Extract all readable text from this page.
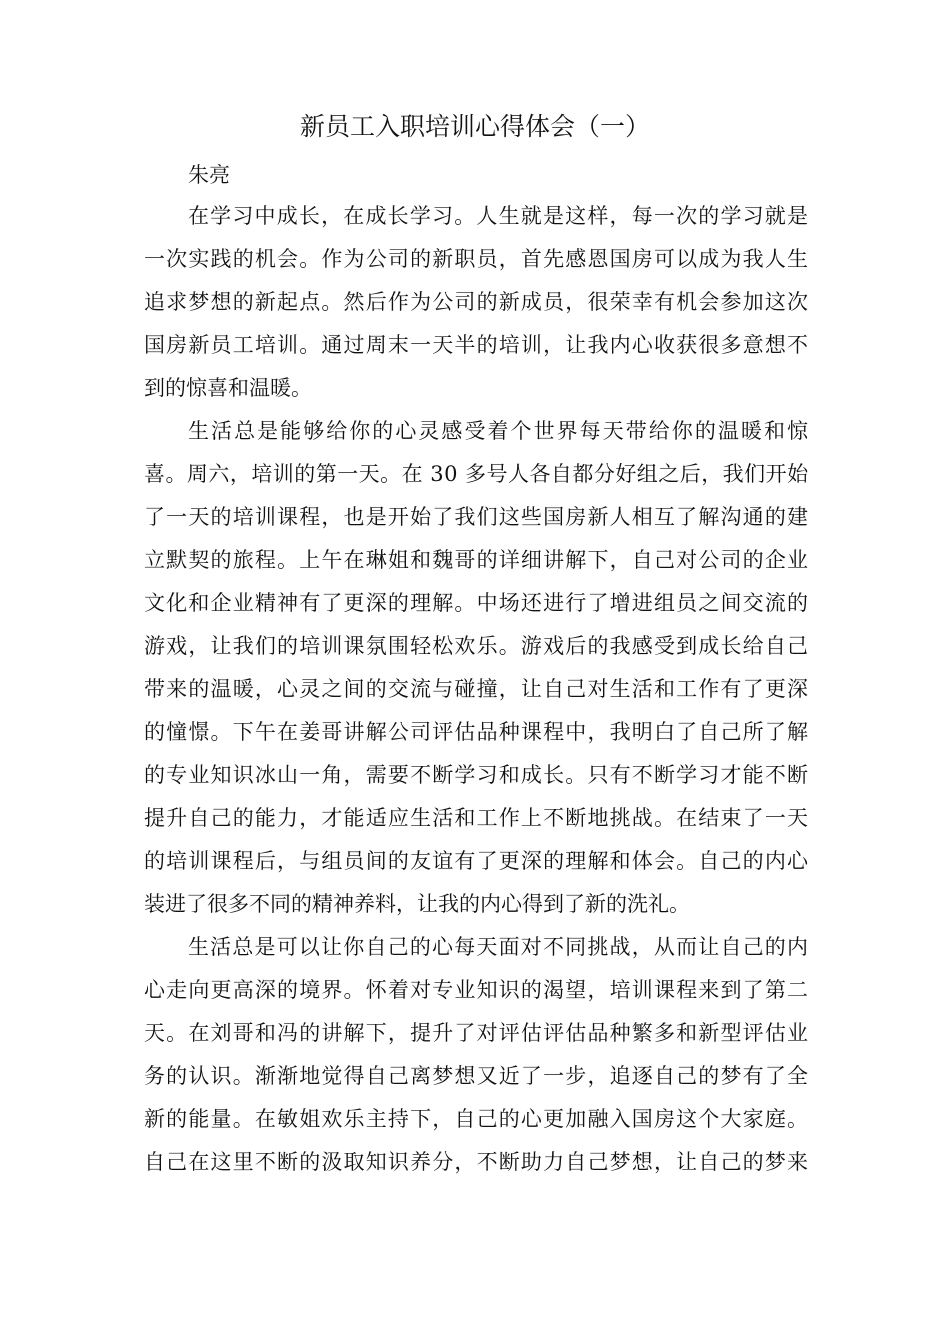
新员工入职培训心得体会（一）
朱亮
在学习中成长，在成长学习。人生就是这样，每一次的学习就是
一次实践的机会。作为公司的新职员，首先感恩国房可以成为我人生
追求梦想的新起点。然后作为公司的新成员，很荣幸有机会参加这次
国房新员工培训。通过周末一天半的培训，让我内心收获很多意想不
到的惊喜和温暖。
生活总是能够给你的心灵感受着个世界每天带给你的温暖和惊
喜。周六，培训的第一天。在 30 多号人各自都分好组之后，我们开始
了一天的培训课程，也是开始了我们这些国房新人相互了解沟通的建
立默契的旅程。上午在琳姐和魏哥的详细讲解下，自己对公司的企业
文化和企业精神有了更深的理解。中场还进行了增进组员之间交流的
游戏，让我们的培训课氛围轻松欢乐。游戏后的我感受到成长给自己
带来的温暖，心灵之间的交流与碰撞，让自己对生活和工作有了更深
的憧憬。下午在姜哥讲解公司评估品种课程中，我明白了自己所了解
的专业知识冰山一角，需要不断学习和成长。只有不断学习才能不断
提升自己的能力，才能适应生活和工作上不断地挑战。在结束了一天
的培训课程后，与组员间的友谊有了更深的理解和体会。自己的内心
装进了很多不同的精神养料，让我的内心得到了新的洗礼。
生活总是可以让你自己的心每天面对不同挑战，从而让自己的内
心走向更高深的境界。怀着对专业知识的渴望，培训课程来到了第二
天。在刘哥和冯的讲解下，提升了对评估评估品种繁多和新型评估业
务的认识。渐渐地觉得自己离梦想又近了一步，追逐自己的梦有了全
新的能量。在敏姐欢乐主持下，自己的心更加融入国房这个大家庭。
自己在这里不断的汲取知识养分，不断助力自己梦想，让自己的梦来
